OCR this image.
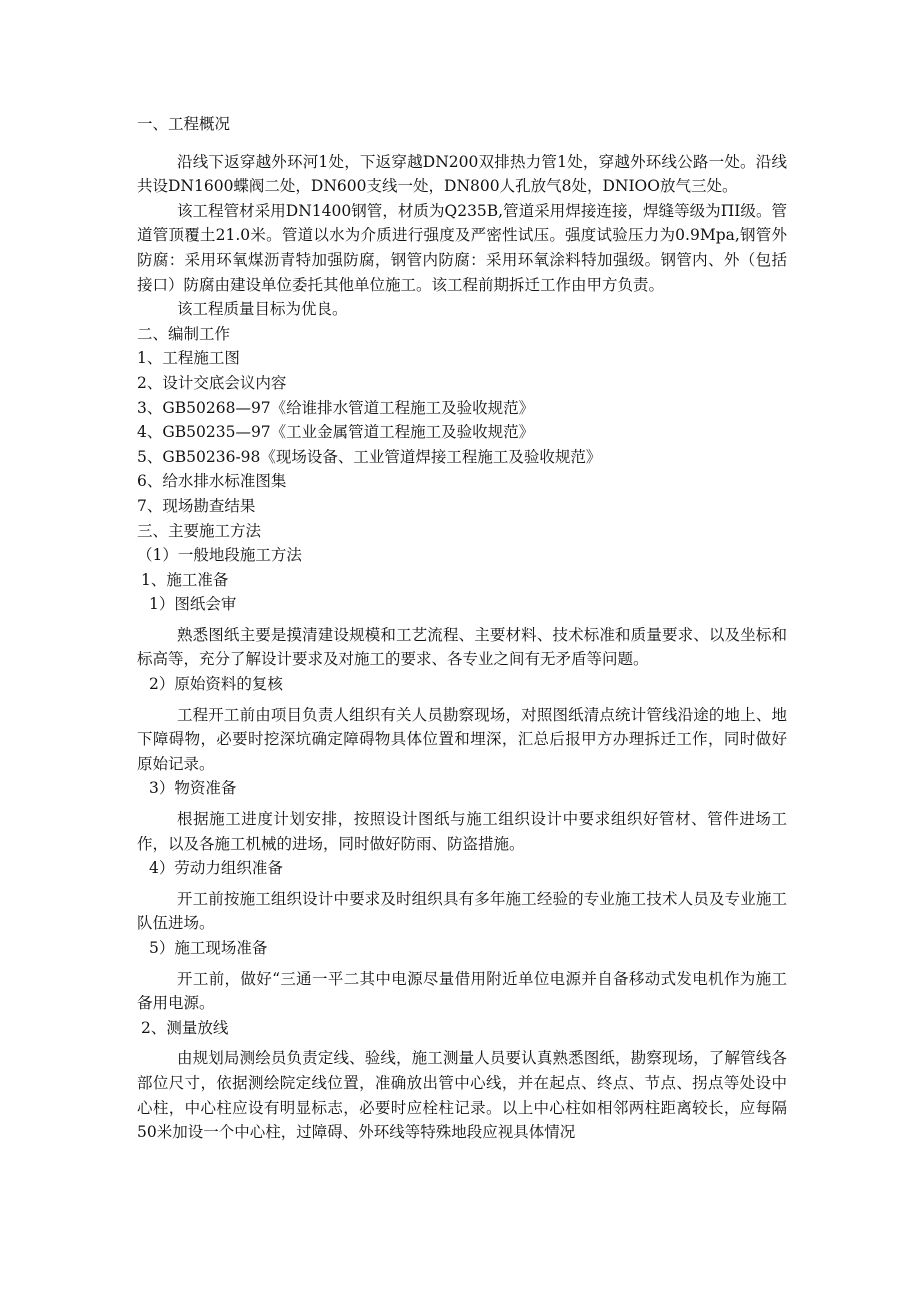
一、工程概况

沿线下返穿越外环河1处，下返穿越DN200双排热力管1处，穿越外环线公路一处。沿线共设DN1600蝶阀二处，DN600支线一处，DN800人孔放气8处，DNIOO放气三处。

该工程管材采用DN1400钢管，材质为Q235B,管道采用焊接连接，焊缝等级为ΠΙ级。管道管顶覆土21.0米。管道以水为介质进行强度及严密性试压。强度试验压力为0.9Mpa,钢管外防腐：采用环氧煤沥青特加强防腐，钢管内防腐：采用环氧涂料特加强级。钢管内、外（包括接口）防腐由建设单位委托其他单位施工。该工程前期拆迁工作由甲方负责。

该工程质量目标为优良。

二、编制工作

1、工程施工图

2、设计交底会议内容

3、GB50268—97《给谁排水管道工程施工及验收规范》

4、GB50235—97《工业金属管道工程施工及验收规范》

5、GB50236-98《现场设备、工业管道焊接工程施工及验收规范》

6、给水排水标准图集

7、现场勘查结果

三、主要施工方法

（1）一般地段施工方法

1、施工准备

1）图纸会审

熟悉图纸主要是摸清建设规模和工艺流程、主要材料、技术标准和质量要求、以及坐标和标高等，充分了解设计要求及对施工的要求、各专业之间有无矛盾等问题。

2）原始资料的复核

工程开工前由项目负责人组织有关人员勘察现场，对照图纸清点统计管线沿途的地上、地下障碍物，必要时挖深坑确定障碍物具体位置和埋深，汇总后报甲方办理拆迁工作，同时做好原始记录。

3）物资准备

根据施工进度计划安排，按照设计图纸与施工组织设计中要求组织好管材、管件进场工作，以及各施工机械的进场，同时做好防雨、防盗措施。

4）劳动力组织准备

开工前按施工组织设计中要求及时组织具有多年施工经验的专业施工技术人员及专业施工队伍进场。

5）施工现场准备

开工前，做好“三通一平二其中电源尽量借用附近单位电源并自备移动式发电机作为施工备用电源。

2、测量放线

由规划局测绘员负责定线、验线，施工测量人员要认真熟悉图纸，勘察现场，了解管线各部位尺寸，依据测绘院定线位置，准确放出管中心线，并在起点、终点、节点、拐点等处设中心柱，中心柱应设有明显标志，必要时应栓柱记录。以上中心柱如相邻两柱距离较长，应每隔50米加设一个中心柱，过障碍、外环线等特殊地段应视具体情况
